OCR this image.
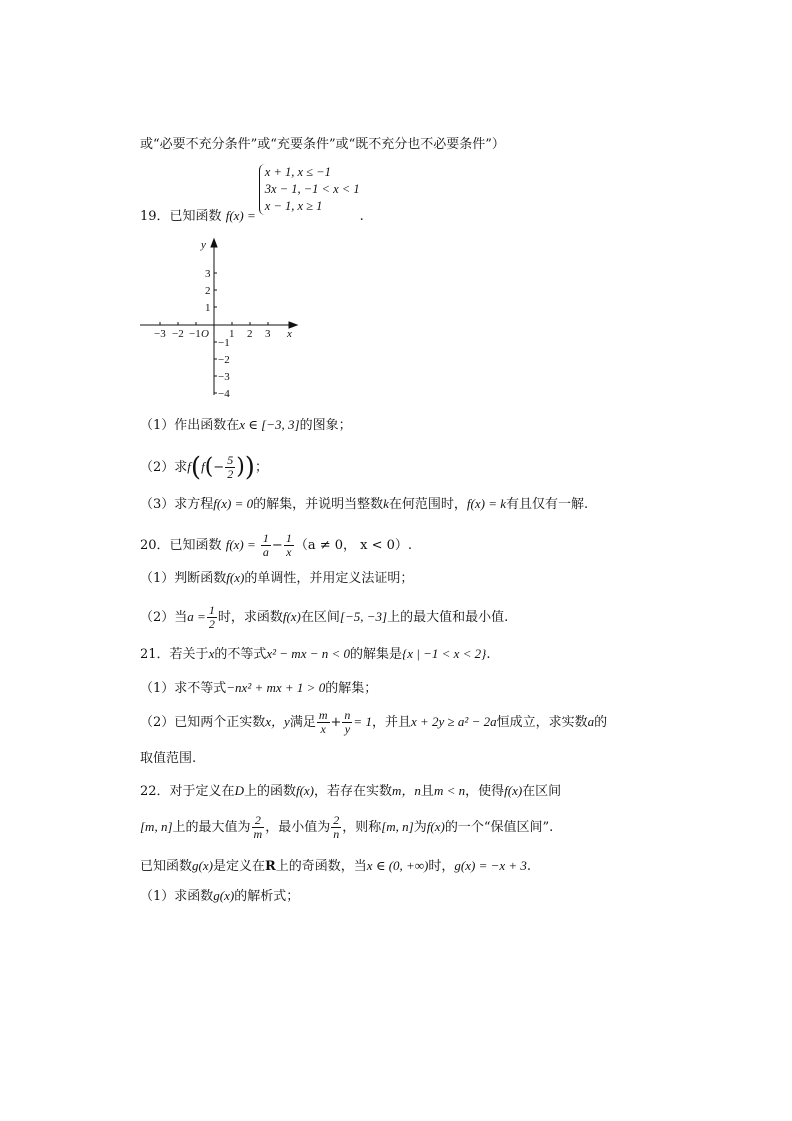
或“必要不充分条件”或“充要条件”或“既不充分也不必要条件”）
19．已知函数 f(x) =
x + 1, x ≤ −1
3x − 1, −1 < x < 1
x − 1, x ≥ 1
.
y
x
O
−3 −2 −1	1 2 3
3
2
1
−1
−2
−3
−4
（1）作出函数在x ∈ [−3, 3]的图象；
（2）求$f(f(- \frac{5}{2}$ ))；
（3）求方程f(x) = 0的解集，并说明当整数k在何范围时，f(x) = k有且仅有一解.
20．已知函数 $f(x) = \frac{1}{a} - \frac{1}{x} (a \ne 0$， x < 0）.
（1）判断函数f(x)的单调性，并用定义法证明；
（2）当$a = \frac{1}{2}$ 时，求函数f(x)在区间[−5, −3]上的最大值和最小值.
21．若关于x的不等式x² − mx − n < 0的解集是{x | −1 < x < 2}.
（1）求不等式−nx² + mx + 1 > 0的解集；
（2）已知两个正实数x，y满足 $\frac{m}{x} + \frac{n}{y} = 1$，并且x + 2y ≥ a² − 2a恒成立，求实数a的
取值范围.
22．对于定义在D上的函数f(x)，若存在实数m，n且m < n，使得f(x)在区间
[m, n]上的最大值为 $\frac{2}{m}$ ，最小值为 $\frac{2}{n}$ ，则称[m, n]为f(x)的一个“保值区间”.
已知函数g(x)是定义在R上的奇函数，当x ∈ (0, +∞)时，g(x) = −x + 3.
（1）求函数g(x)的解析式；
